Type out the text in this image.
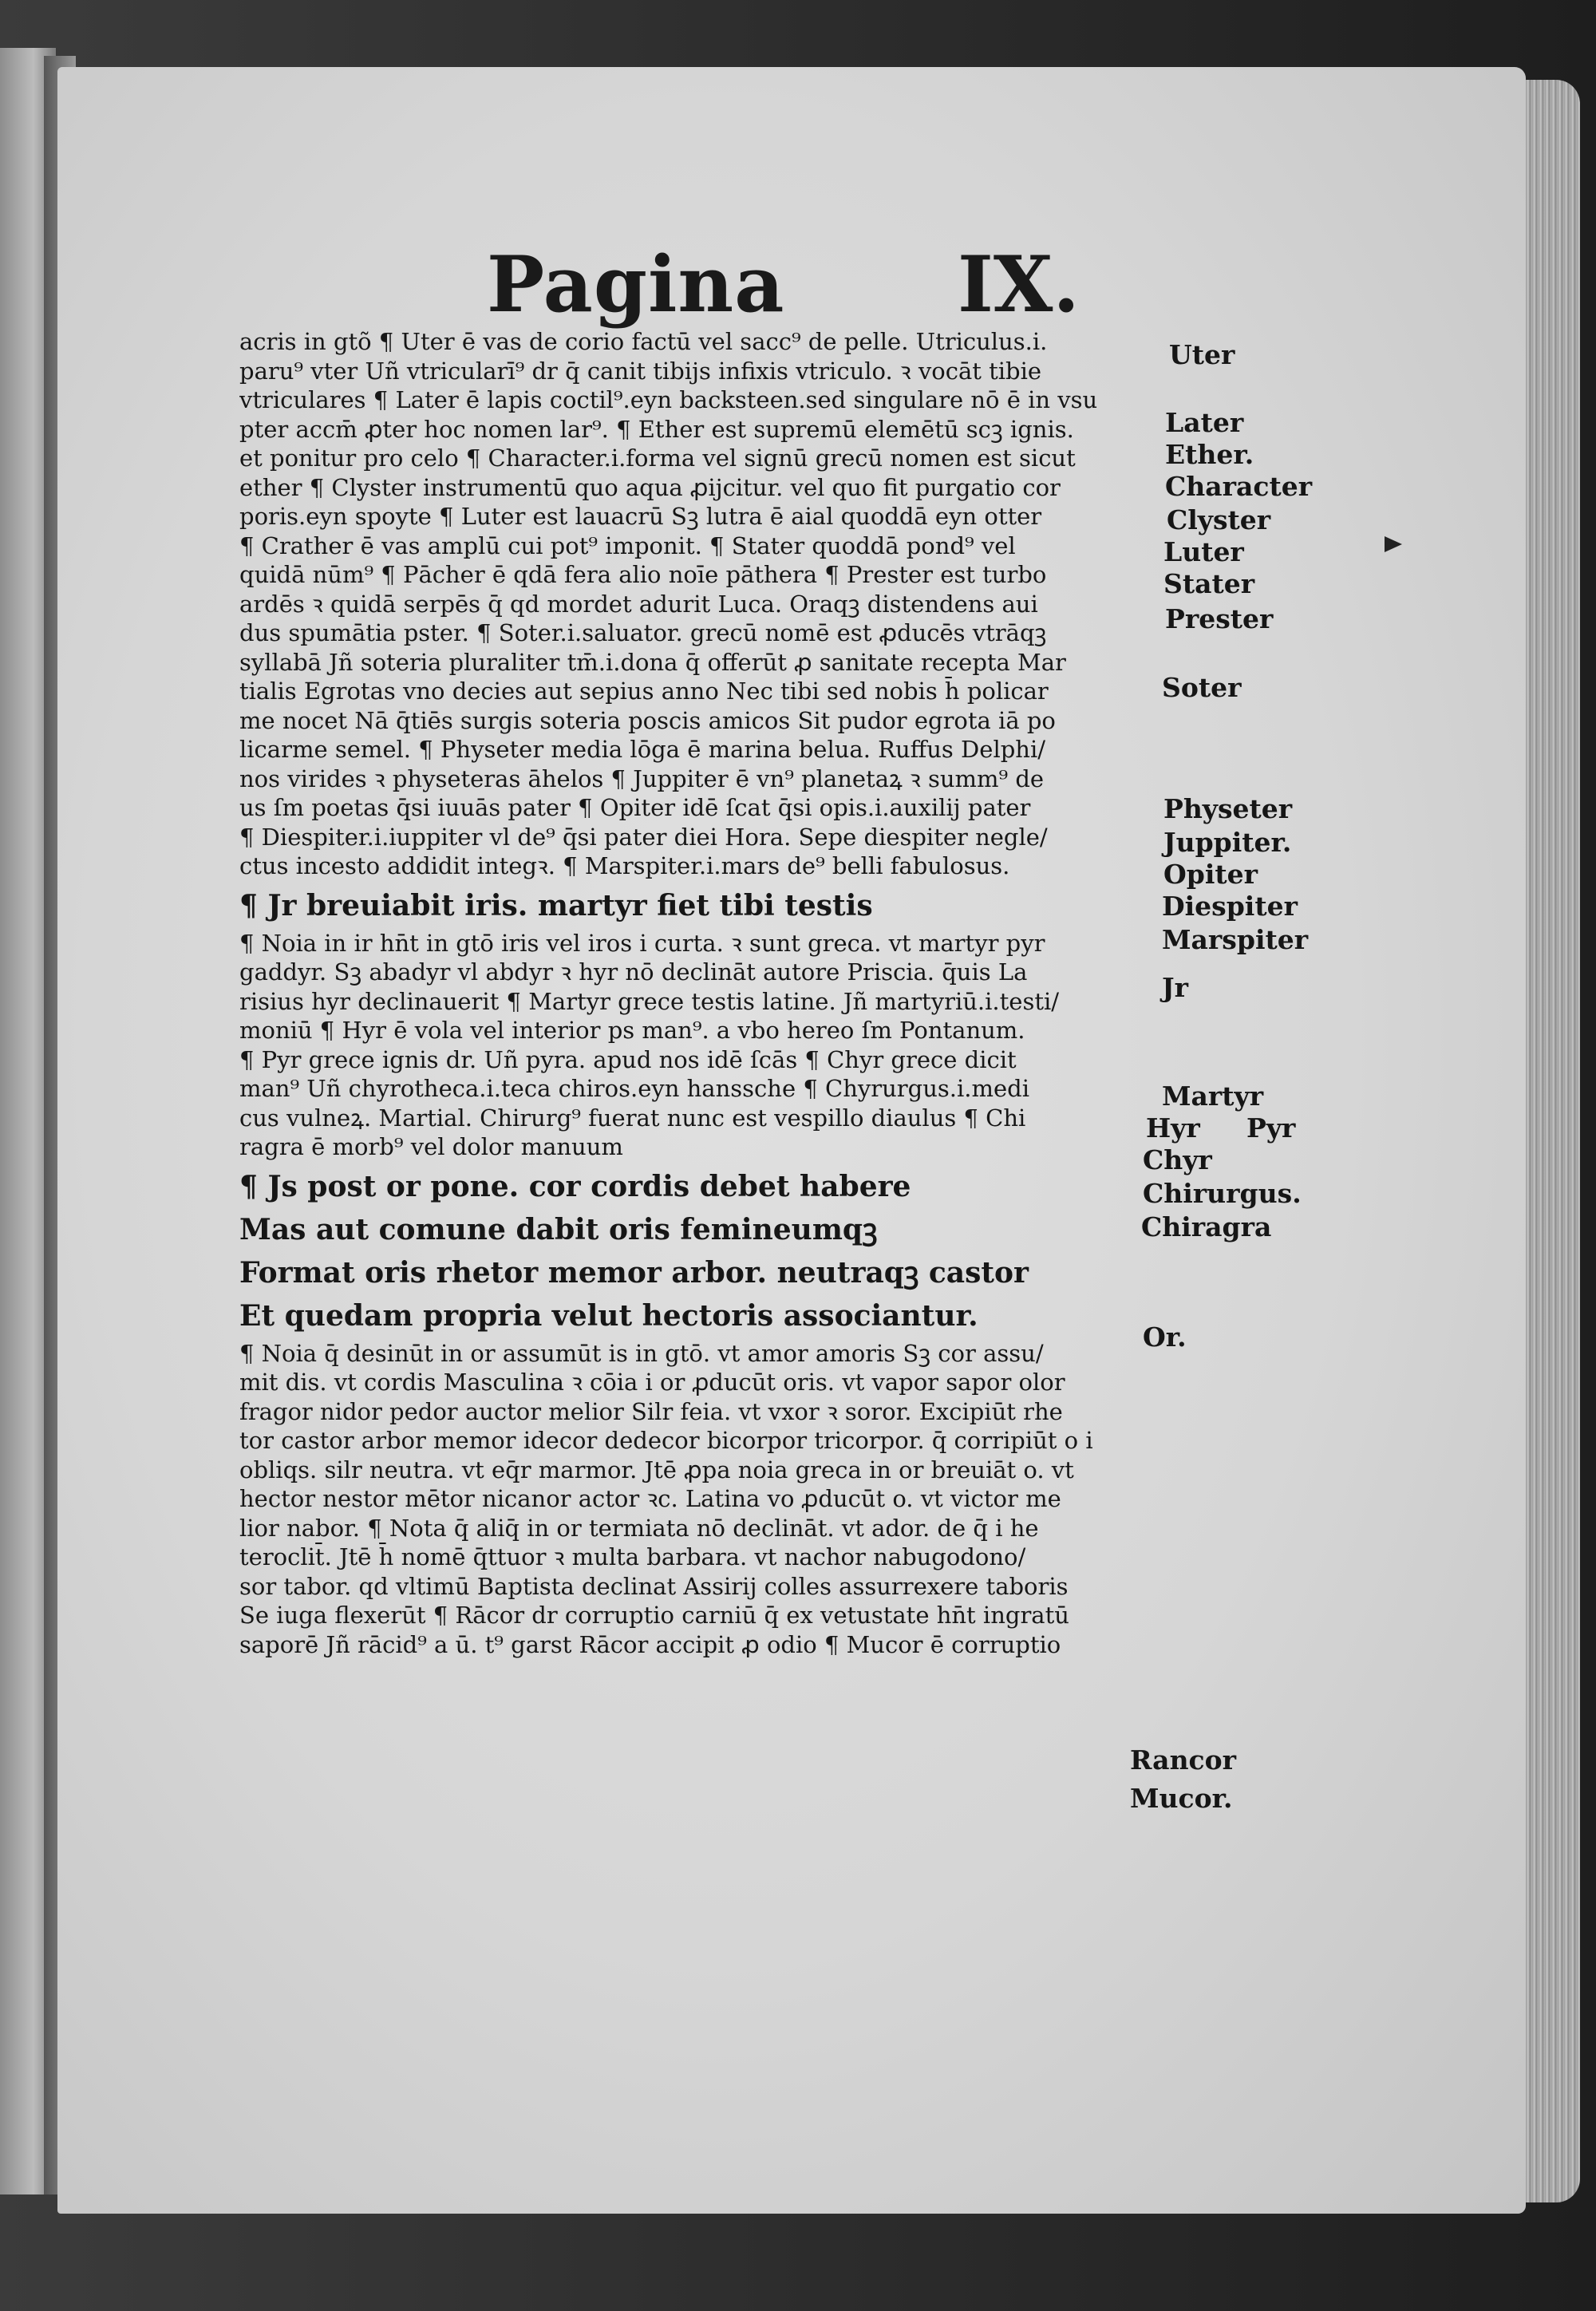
Pagina IX.
acris in gtõ ¶ Uter ē vas de corio factū vel sacc⁹ de pelle. Utriculus.i.
paru⁹ vter Uñ vtricularī⁹ dr q̄ canit tibijs infixis vtriculo. ꝛ vocāt tibie
vtriculares ¶ Later ē lapis coctil⁹.eyn backsteen.sed singulare nō ē in vsu
pter accm̄ ꝓter hoc nomen lar⁹. ¶ Ether est supremū elemētū scꝫ ignis.
et ponitur pro celo ¶ Character.i.forma vel signū grecū nomen est sicut
ether ¶ Clyster instrumentū quo aqua ꝓijcitur. vel quo fit purgatio cor
poris.eyn spoyte ¶ Luter est lauacrū Sꝫ lutra ē aial quoddā eyn otter
¶ Crather ē vas amplū cui pot⁹ imponit. ¶ Stater quoddā pond⁹ vel
quidā nūm⁹ ¶ Pācher ē qdā fera alio noīe pāthera ¶ Prester est turbo
ardēs ꝛ quidā serpēs q̄ qd mordet adurit Luca. Oraqꝫ distendens aui
dus spumātia pster. ¶ Soter.i.saluator. grecū nomē est ꝓducēs vtrāqꝫ
syllabā Jñ soteria pluraliter tm̄.i.dona q̄ offerūt ꝓ sanitate recepta Mar
tialis Egrotas vno decies aut sepius anno Nec tibi sed nobis h̄ policar
me nocet Nā q̄tiēs surgis soteria poscis amicos Sit pudor egrota iā po
licarme semel. ¶ Physeter media lōga ē marina belua. Ruffus Delphi/
nos virides ꝛ physeteras āhelos ¶ Juppiter ē vn⁹ planetaꝝ ꝛ summ⁹ de
us ſm poetas q̄si iuuās pater ¶ Opiter idē ſcat q̄si opis.i.auxilij pater
¶ Diespiter.i.iuppiter vl de⁹ q̄si pater diei Hora. Sepe diespiter negle/
ctus incesto addidit integꝛ. ¶ Marspiter.i.mars de⁹ belli fabulosus.
¶ Jr breuiabit iris. martyr fiet tibi testis
¶ Noia in ir hn̄t in gtō iris vel iros i curta. ꝛ sunt greca. vt martyr pyr
gaddyr. Sꝫ abadyr vl abdyr ꝛ hyr nō declināt autore Priscia. q̄uis La
risius hyr declinauerit ¶ Martyr grece testis latine. Jñ martyriū.i.testi/
moniū ¶ Hyr ē vola vel interior ps man⁹. a vbo hereo ſm Pontanum.
¶ Pyr grece ignis dr. Uñ pyra. apud nos idē ſcās ¶ Chyr grece dicit
man⁹ Uñ chyrotheca.i.teca chiros.eyn hanssche ¶ Chyrurgus.i.medi
cus vulneꝝ. Martial. Chirurg⁹ fuerat nunc est vespillo diaulus ¶ Chi
ragra ē morb⁹ vel dolor manuum
¶ Js post or pone. cor cordis debet habere
Mas aut comune dabit oris femineumqꝫ
Format oris rhetor memor arbor. neutraqꝫ castor
Et quedam propria velut hectoris associantur.
¶ Noia q̄ desinūt in or assumūt is in gtō. vt amor amoris Sꝫ cor assu/
mit dis. vt cordis Masculina ꝛ cōia i or ꝓducūt oris. vt vapor sapor olor
fragor nidor pedor auctor melior Silr feia. vt vxor ꝛ soror. Excipiūt rhe
tor castor arbor memor idecor dedecor bicorpor tricorpor. q̄ corripiūt o i
obliqs. silr neutra. vt eq̄r marmor. Jtē ꝓpa noia greca in or breuiāt o. vt
hector nestor mētor nicanor actor ꝛc. Latina vo ꝓducūt o. vt victor me
lior nabor. ¶ Nota q̄ aliq̄ in or termiata nō declināt. vt ador. de q̄ i he
teroclit̄. Jtē h̄ nomē q̄ttuor ꝛ multa barbara. vt nachor nabugodono/
sor tabor. qd vltimū Baptista declinat Assirij colles assurrexere taboris
Se iuga flexerūt ¶ Rācor dr corruptio carniū q̄ ex vetustate hn̄t ingratū
saporē Jñ rācid⁹ a ū. t⁹ garst Rācor accipit ꝓ odio ¶ Mucor ē corruptio
Uter
Later
Ether.
Character
Clyster
Luter
Stater
Prester
Soter
Physeter
Juppiter.
Opiter
Diespiter
Marspiter
Jr
Martyr
Hyr Pyr
Chyr
Chirurgus.
Chiragra
Or.
Rancor
Mucor.
